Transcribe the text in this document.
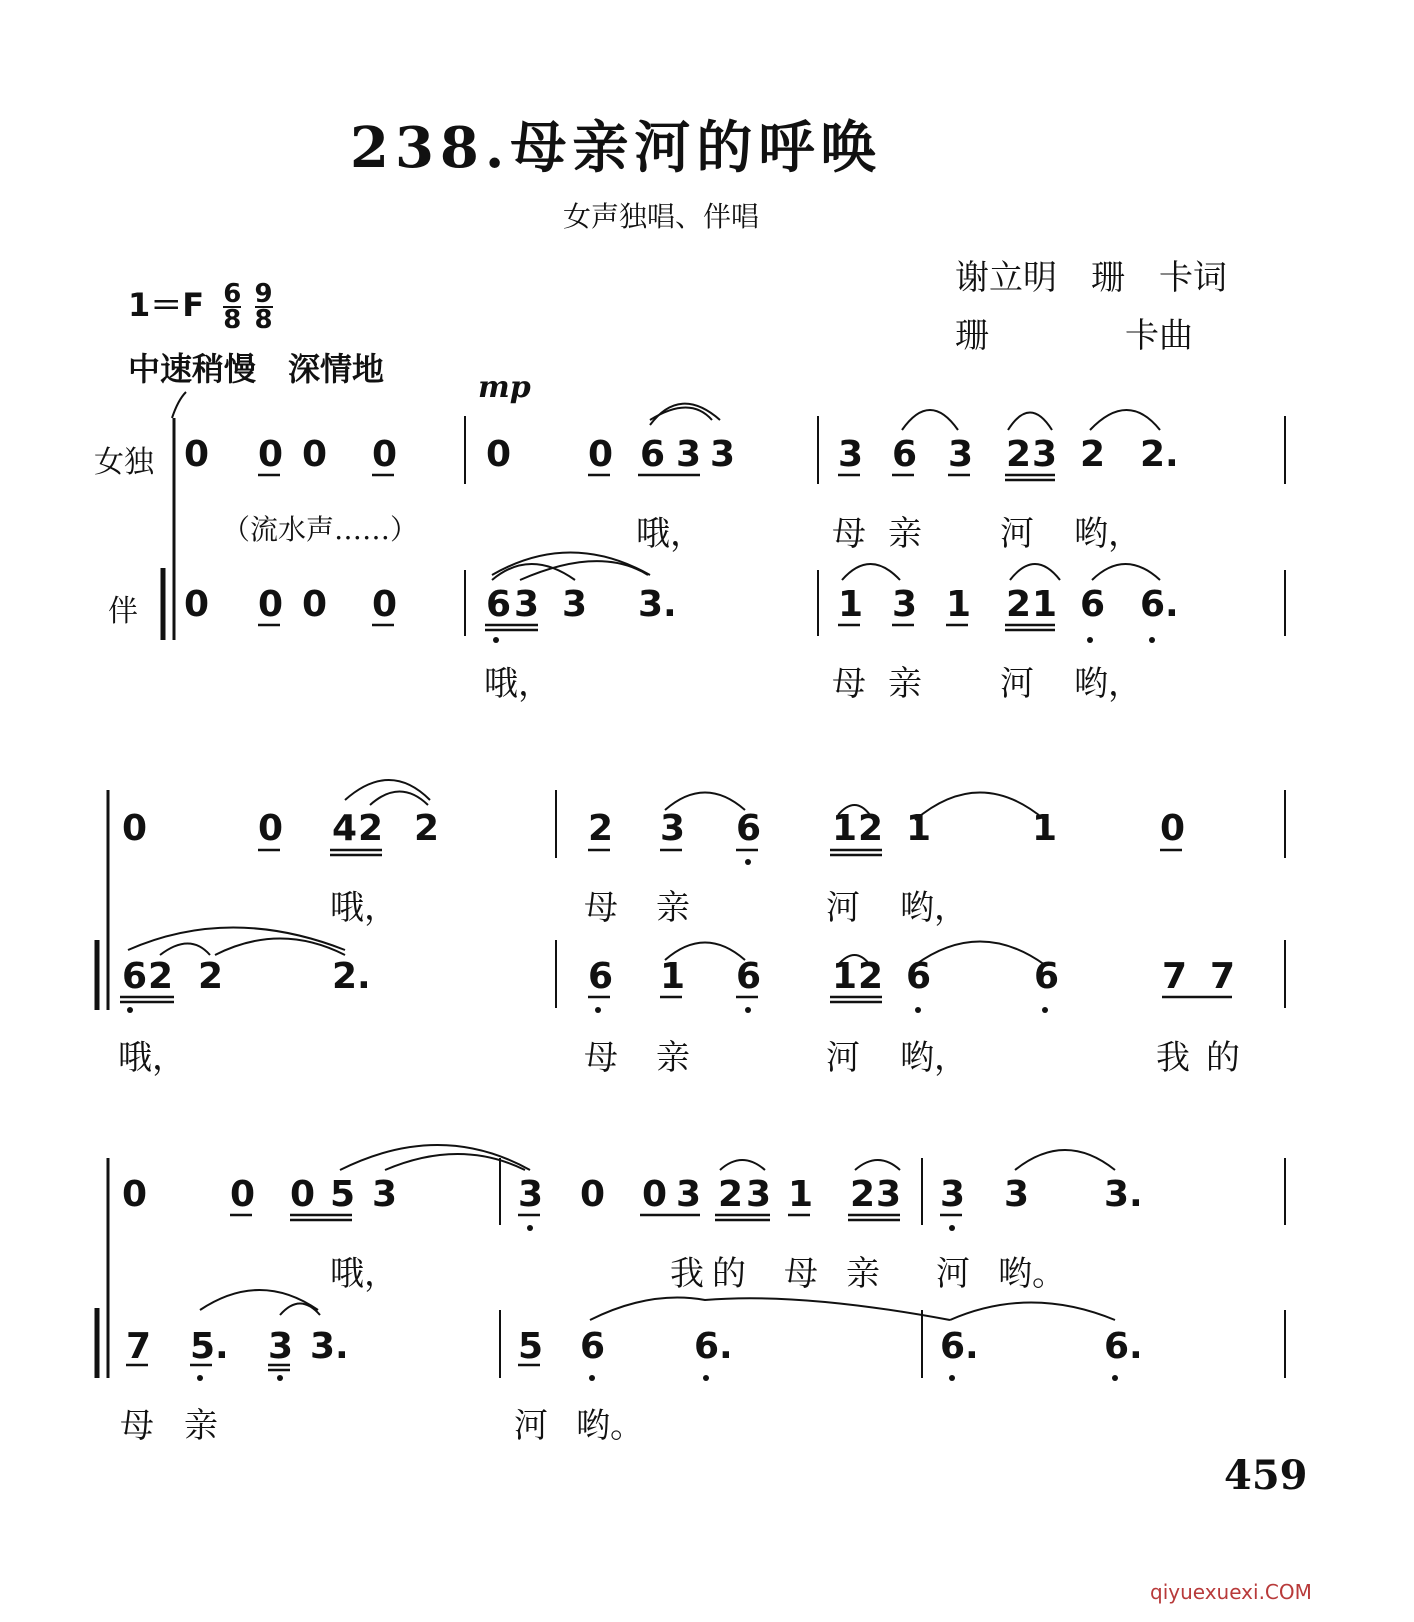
238.母亲河的呼唤
女声独唱、伴唱
谢立明　珊　卡词
珊　　　　卡曲
$1=F \frac{6}{8}$
$\frac{9}{8}$
中速稍慢　深情地	mp
女独
伴
0 0 0 0 0 0 6 3 3	3 6 3 2 3 2 2.
（流水声……）	哦，	母 亲 河 哟，
0 0 0 0 6 3 3 3.	1 3 1 2 1 6 6.
哦，	母 亲 河 哟，
0	0 4 2 2	2 3 6 1 2 1	1	0
哦，	母 亲	河 哟，
6 2 2	2.	6 1 6 1 2 6	6	7 7
哦，	母 亲	河 哟，	我 的
0 0 0 5 3	3 0 0 3 2 3 1 2 3 3 3 3.
哦，	我 的 母 亲 河 哟。
7 5. 3 3.	5 6 6.	6.	6.
母 亲	河 哟。
459
qiyuexuexi.COM
